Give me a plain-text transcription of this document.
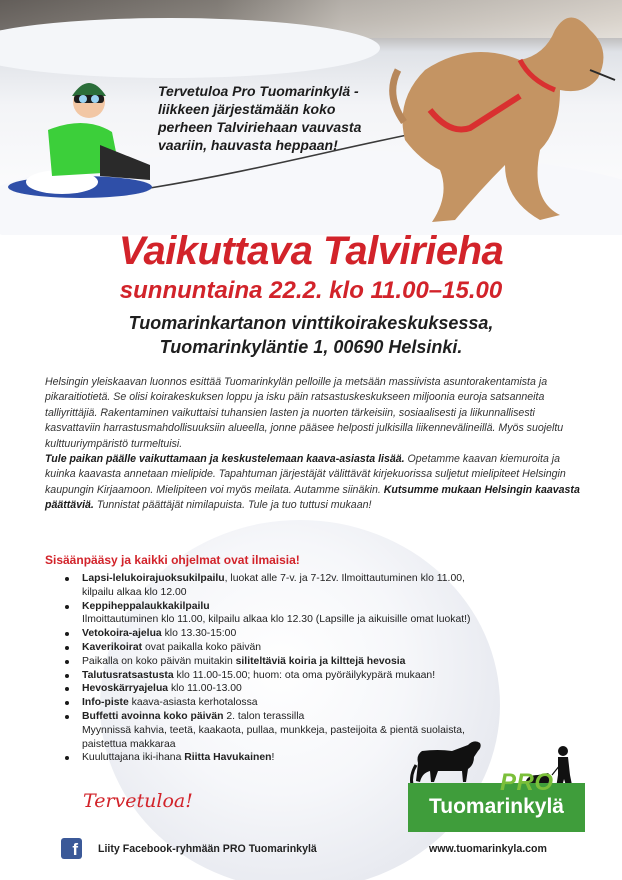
Tervetuloa Pro Tuomarinkylä -liikkeen järjestämään koko perheen Talviriehaan vauvasta vaariin, hauvasta heppaan!
Vaikuttava Talvirieha
sunnuntaina 22.2. klo 11.00–15.00
Tuomarinkartanon vinttikoirakeskuksessa,
Tuomarinkyläntie 1, 00690 Helsinki.

Helsingin yleiskaavan luonnos esittää Tuomarinkylän pelloille ja metsään massiivista asuntorakentamista ja pikaraitiotietä. Se olisi koirakeskuksen loppu ja isku päin ratsastuskeskukseen miljoonia euroja satsanneita talliyrittäjiä. Rakentaminen vaikuttaisi tuhansien lasten ja nuorten tärkeisiin, sosiaalisesti ja liikunnallisesti kasvattaviin harrastusmahdollisuuksiin alueella, jonne pääsee helposti julkisilla liikennevälineillä. Myös suojeltu kulttuuriympäristö turmeltuisi.

Tule paikan päälle vaikuttamaan ja keskustelemaan kaava-asiasta lisää. Opetamme kaavan kiemuroita ja kuinka kaavasta annetaan mielipide. Tapahtuman järjestäjät välittävät kirjekuorissa suljetut mielipiteet Helsingin kaupungin Kirjaamoon. Mielipiteen voi myös meilata. Autamme siinäkin. Kutsumme mukaan Helsingin kaavasta päättäviä. Tunnistat päättäjät nimilapuista. Tule ja tuo tuttusi mukaan!

Sisäänpääsy ja kaikki ohjelmat ovat ilmaisia!
Lapsi-lelukoirajuoksukilpailu, luokat alle 7-v. ja 7-12v. Ilmoittautuminen klo 11.00,
kilpailu alkaa klo 12.00
Keppiheppalaukkakilpailu
Ilmoittautuminen klo 11.00, kilpailu alkaa klo 12.30 (Lapsille ja aikuisille omat luokat!)
Vetokoira-ajelua klo 13.30-15:00
Kaverikoirat ovat paikalla koko päivän
Paikalla on koko päivän muitakin siliteltäviä koiria ja kilttejä hevosia
Talutusratsastusta klo 11.00-15.00; huom: ota oma pyöräilykypärä mukaan!
Hevoskärryajelua klo 11.00-13.00
Info-piste kaava-asiasta kerhotalossa
Buffetti avoinna koko päivän 2. talon terassilla
Myynnissä kahvia, teetä, kaakaota, pullaa, munkkeja, pasteijoita & pientä suolaista, paistettua makkaraa
Kuuluttajana iki-ihana Riitta Havukainen!
Tervetuloa!
PRO
Tuomarinkylä
f	Liity Facebook-ryhmään PRO Tuomarinkylä	www.tuomarinkyla.com
